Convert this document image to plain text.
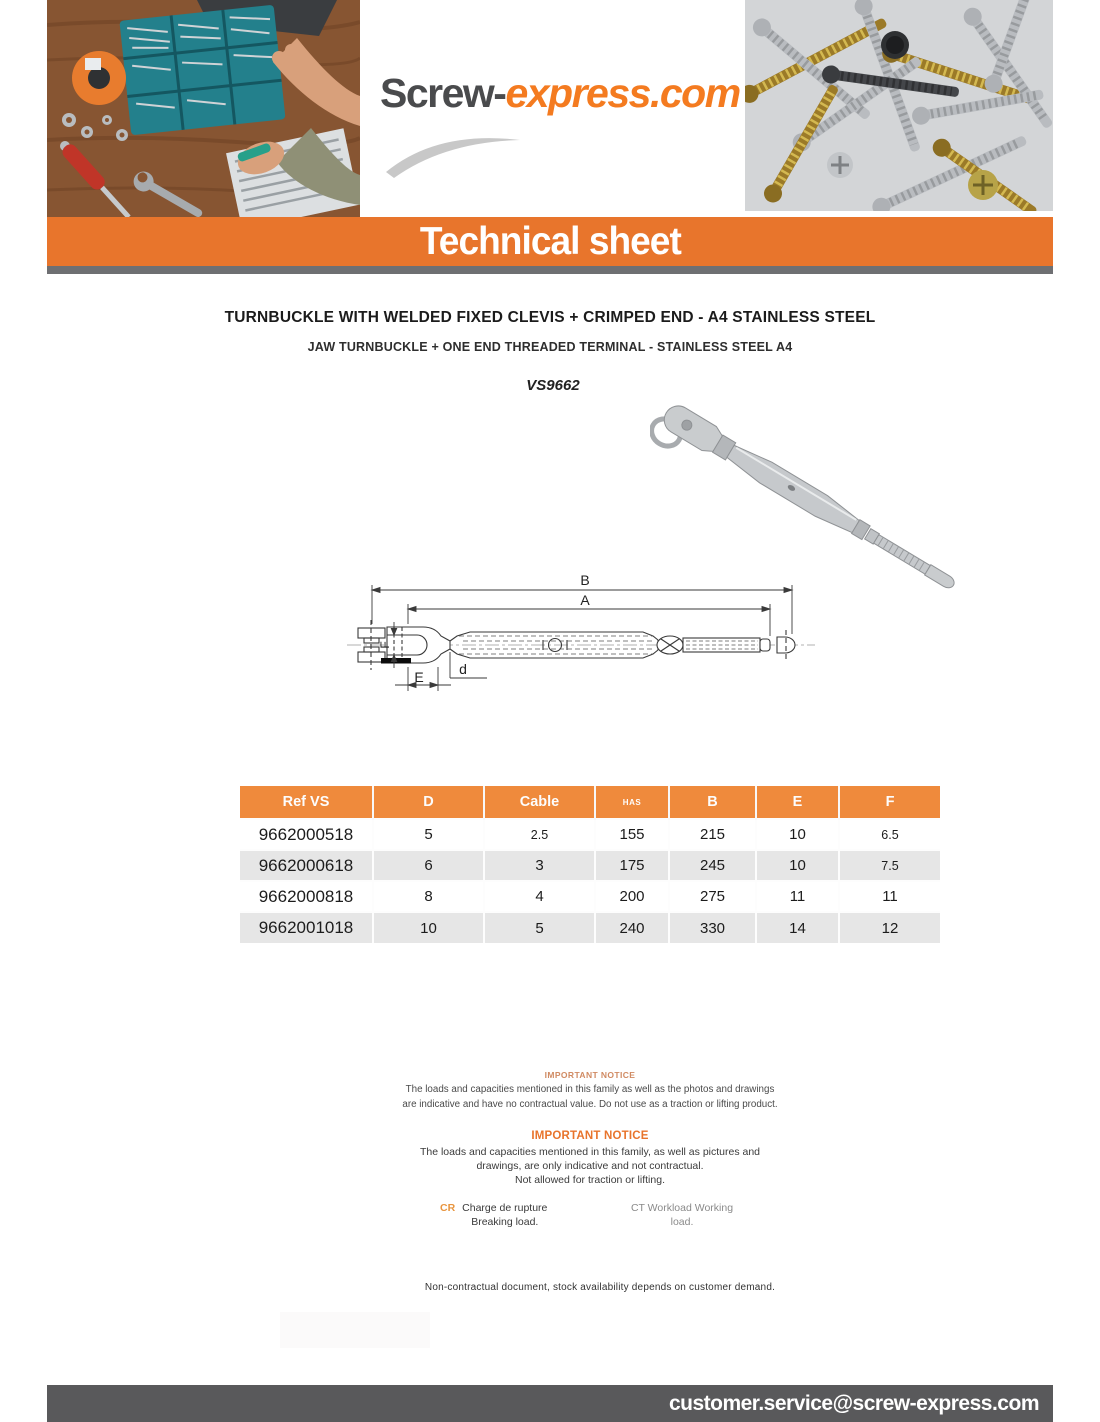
Screw-express.com
Technical sheet
TURNBUCKLE WITH WELDED FIXED CLEVIS + CRIMPED END - A4 STAINLESS STEEL
JAW TURNBUCKLE + ONE END THREADED TERMINAL - STAINLESS STEEL A4
VS9662
B
A
E
F
d
Ref VS	D	Cable	HAS	B	E	F
9662000518	5	2.5	155	215	10	6.5
9662000618	6	3	175	245	10	7.5
9662000818	8	4	200	275	11	11
9662001018	10	5	240	330	14	12
IMPORTANT NOTICE
The loads and capacities mentioned in this family as well as the photos and drawings are indicative and have no contractual value. Do not use as a traction or lifting product.
IMPORTANT NOTICE
The loads and capacities mentioned in this family, as well as pictures and drawings, are only indicative and not contractual.
Not allowed for traction or lifting.
CR Charge de rupture
Breaking load.
CT Workload Working load.
Non-contractual document, stock availability depends on customer demand.
customer.service@screw-express.com
